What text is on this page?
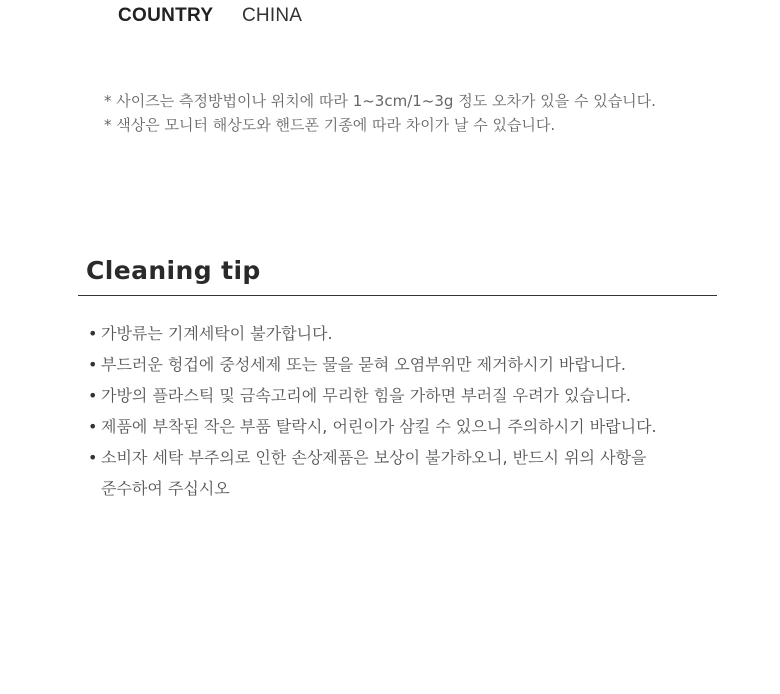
COUNTRY	CHINA
* 사이즈는 측정방법이나 위치에 따라 1~3cm/1~3g 정도 오차가 있을 수 있습니다.
* 색상은 모니터 해상도와 핸드폰 기종에 따라 차이가 날 수 있습니다.
Cleaning tip
• 가방류는 기계세탁이 불가합니다.
• 부드러운 헝겁에 중성세제 또는 물을 묻혀 오염부위만 제거하시기 바랍니다.
• 가방의 플라스틱 및 금속고리에 무리한 힘을 가하면 부러질 우려가 있습니다.
• 제품에 부착된 작은 부품 탈락시, 어린이가 삼킬 수 있으니 주의하시기 바랍니다.
• 소비자 세탁 부주의로 인한 손상제품은 보상이 불가하오니, 반드시 위의 사항을
준수하여 주십시오
